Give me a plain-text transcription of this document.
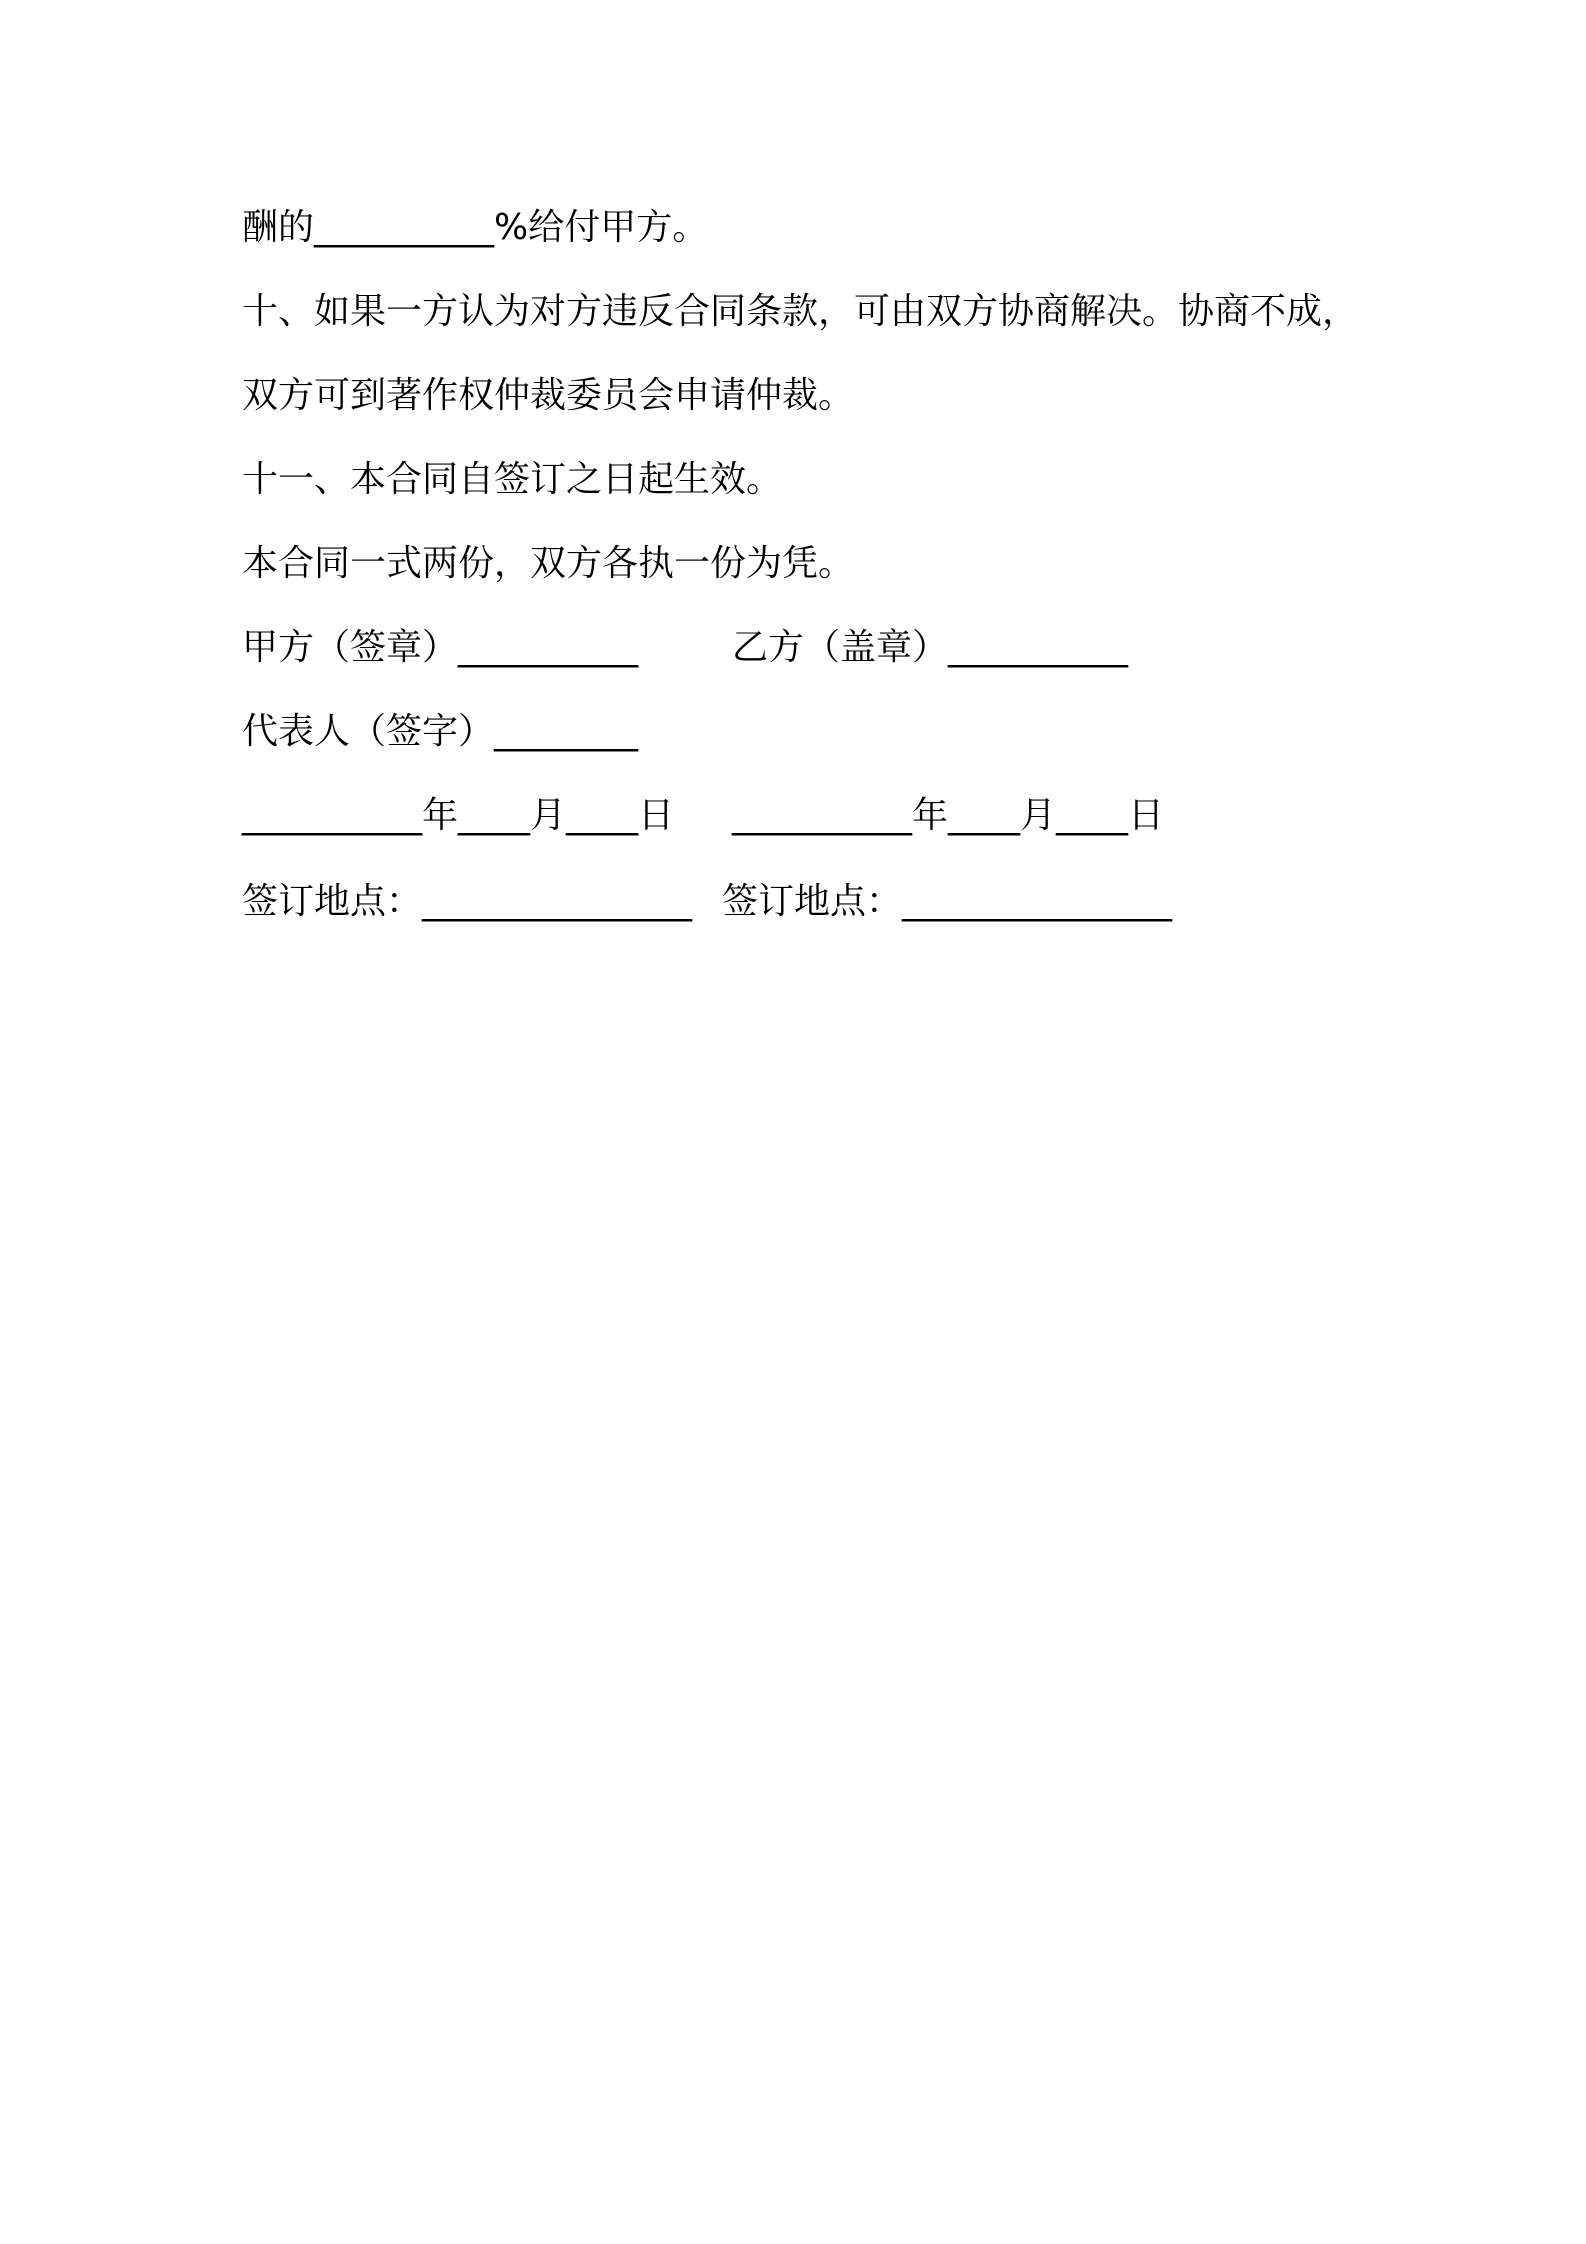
酬的__________%给付甲方。
十、如果一方认为对方违反合同条款，可由双方协商解决。协商不成，
双方可到著作权仲裁委员会申请仲裁。
十一、本合同自签订之日起生效。
本合同一式两份，双方各执一份为凭。

甲方（签章）__________

	乙方（盖章）__________

代表人（签字）________

__________年____月____日

__________年____月____日

签订地点：_______________

签订地点：_______________
